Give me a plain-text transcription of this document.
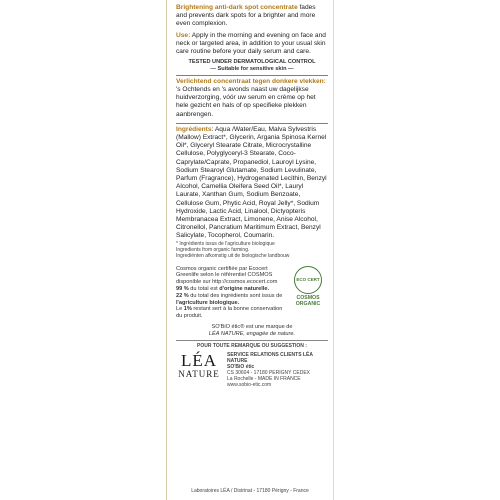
Brightening anti-dark spot concentrate fades and prevents dark spots for a brighter and more even complexion.
Use: Apply in the morning and evening on face and neck or targeted area, in addition to your usual skin care routine before your daily serum and care.
TESTED UNDER DERMATOLOGICAL CONTROL
— Suitable for sensitive skin —
Verlichtend concentraat tegen donkere vlekken: 's Ochtends en 's avonds naast uw dagelijkse huidverzorging, vóór uw serum en crème op het hele gezicht en hals of op specifieke plekken aanbrengen.
Ingrédients: Aqua /Water/Eau, Malva Sylvestris (Mallow) Extract*, Glycerin, Argania Spinosa Kernel Oil*, Glyceryl Stearate Citrate, Microcrystalline Cellulose, Polyglyceryl-3 Stearate, Coco-Caprylate/Caprate, Propanediol, Lauroyl Lysine, Sodium Stearoyl Glutamate, Sodium Levulinate, Parfum (Fragrance), Hydrogenated Lecithin, Benzyl Alcohol, Camellia Oleifera Seed Oil*, Lauryl Laurate, Xanthan Gum, Sodium Benzoate, Cellulose Gum, Phytic Acid, Royal Jelly*, Sodium Hydroxide, Lactic Acid, Linalool, Dictyopteris Membranacea Extract, Limonene, Anise Alcohol, Citronellol, Pancratium Maritimum Extract, Benzyl Salicylate, Tocopherol, Coumarin.
* Ingrédients issus de l'agriculture biologique
Ingredients from organic farming.
Ingrediënten afkomstig uit de biologische landbouw
Cosmos organic certifiée par Ecocert Greenlife selon le référentiel COSMOS disponible sur http://cosmos.ecocert.com
99 % du total est d'origine naturelle.
22 % du total des ingrédients sont issus de l'agriculture biologique.
Le 1% restant sert à la bonne conservation du produit.
ECO CERT
COSMOS ORGANIC
SO'BiO étic® est une marque de
LÉA NATURE, engagée de nature.
POUR TOUTE REMARQUE OU SUGGESTION :
LÉA
NATURE
SERVICE RELATIONS CLIENTS LÉA NATURE
SO'BiO étic
CS 30604 - 17180 PERIGNY CEDEX
La Rochelle - MADE IN FRANCE
www.sobio-etic.com
Laboratoires LÉA / Distrinat - 17180 Périgny - France
